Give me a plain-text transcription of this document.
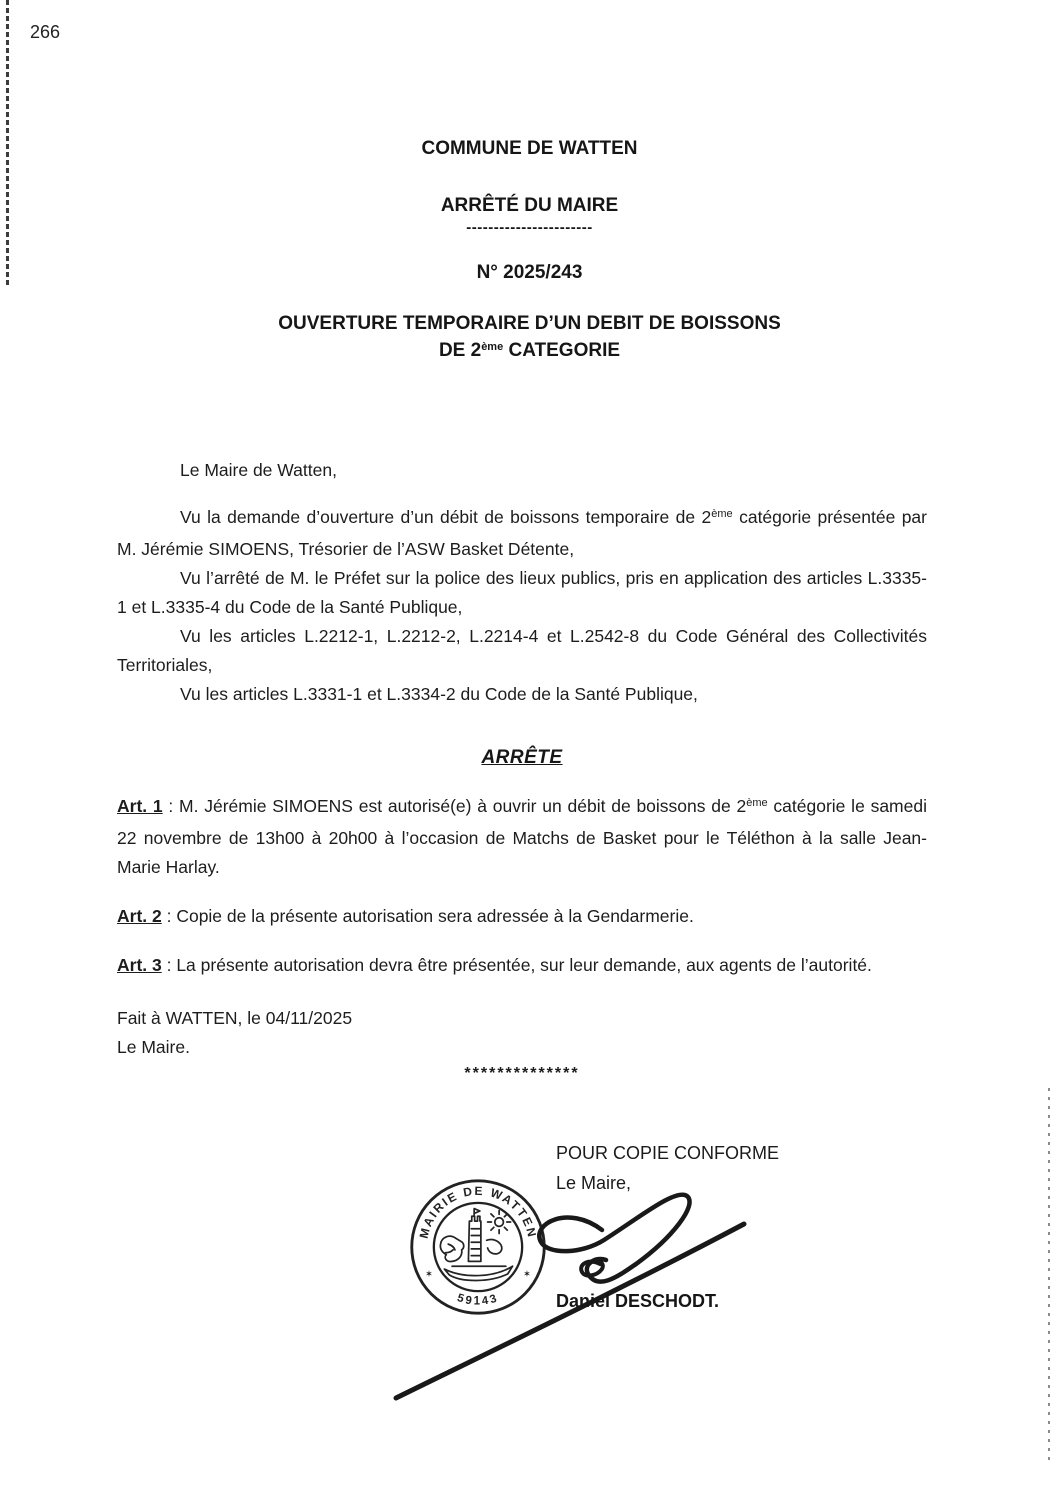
266
COMMUNE DE WATTEN
ARRÊTÉ DU MAIRE
-----------------------
N° 2025/243
OUVERTURE TEMPORAIRE D’UN DEBIT DE BOISSONS
DE 2ème CATEGORIE
Le Maire de Watten,

Vu la demande d’ouverture d’un débit de boissons temporaire de 2ème catégorie présentée par M. Jérémie SIMOENS, Trésorier de l’ASW Basket Détente,

Vu l’arrêté de M. le Préfet sur la police des lieux publics, pris en application des articles L.3335-1 et L.3335-4 du Code de la Santé Publique,

Vu les articles L.2212-1, L.2212-2, L.2214-4 et L.2542-8 du Code Général des Collectivités Territoriales,

Vu les articles L.3331-1 et L.3334-2 du Code de la Santé Publique,

ARRÊTE

Art. 1 : M. Jérémie SIMOENS est autorisé(e) à ouvrir un débit de boissons de 2ème catégorie le samedi 22 novembre de 13h00 à 20h00 à l’occasion de Matchs de Basket pour le Téléthon à la salle Jean-Marie Harlay.

Art. 2 : Copie de la présente autorisation sera adressée à la Gendarmerie.

Art. 3 : La présente autorisation devra être présentée, sur leur demande, aux agents de l’autorité.

Fait à WATTEN, le 04/11/2025
Le Maire.
**************
POUR COPIE CONFORME
Le Maire,
MAIRIE DE WATTEN
59143
✶	✶
Daniel DESCHODT.
